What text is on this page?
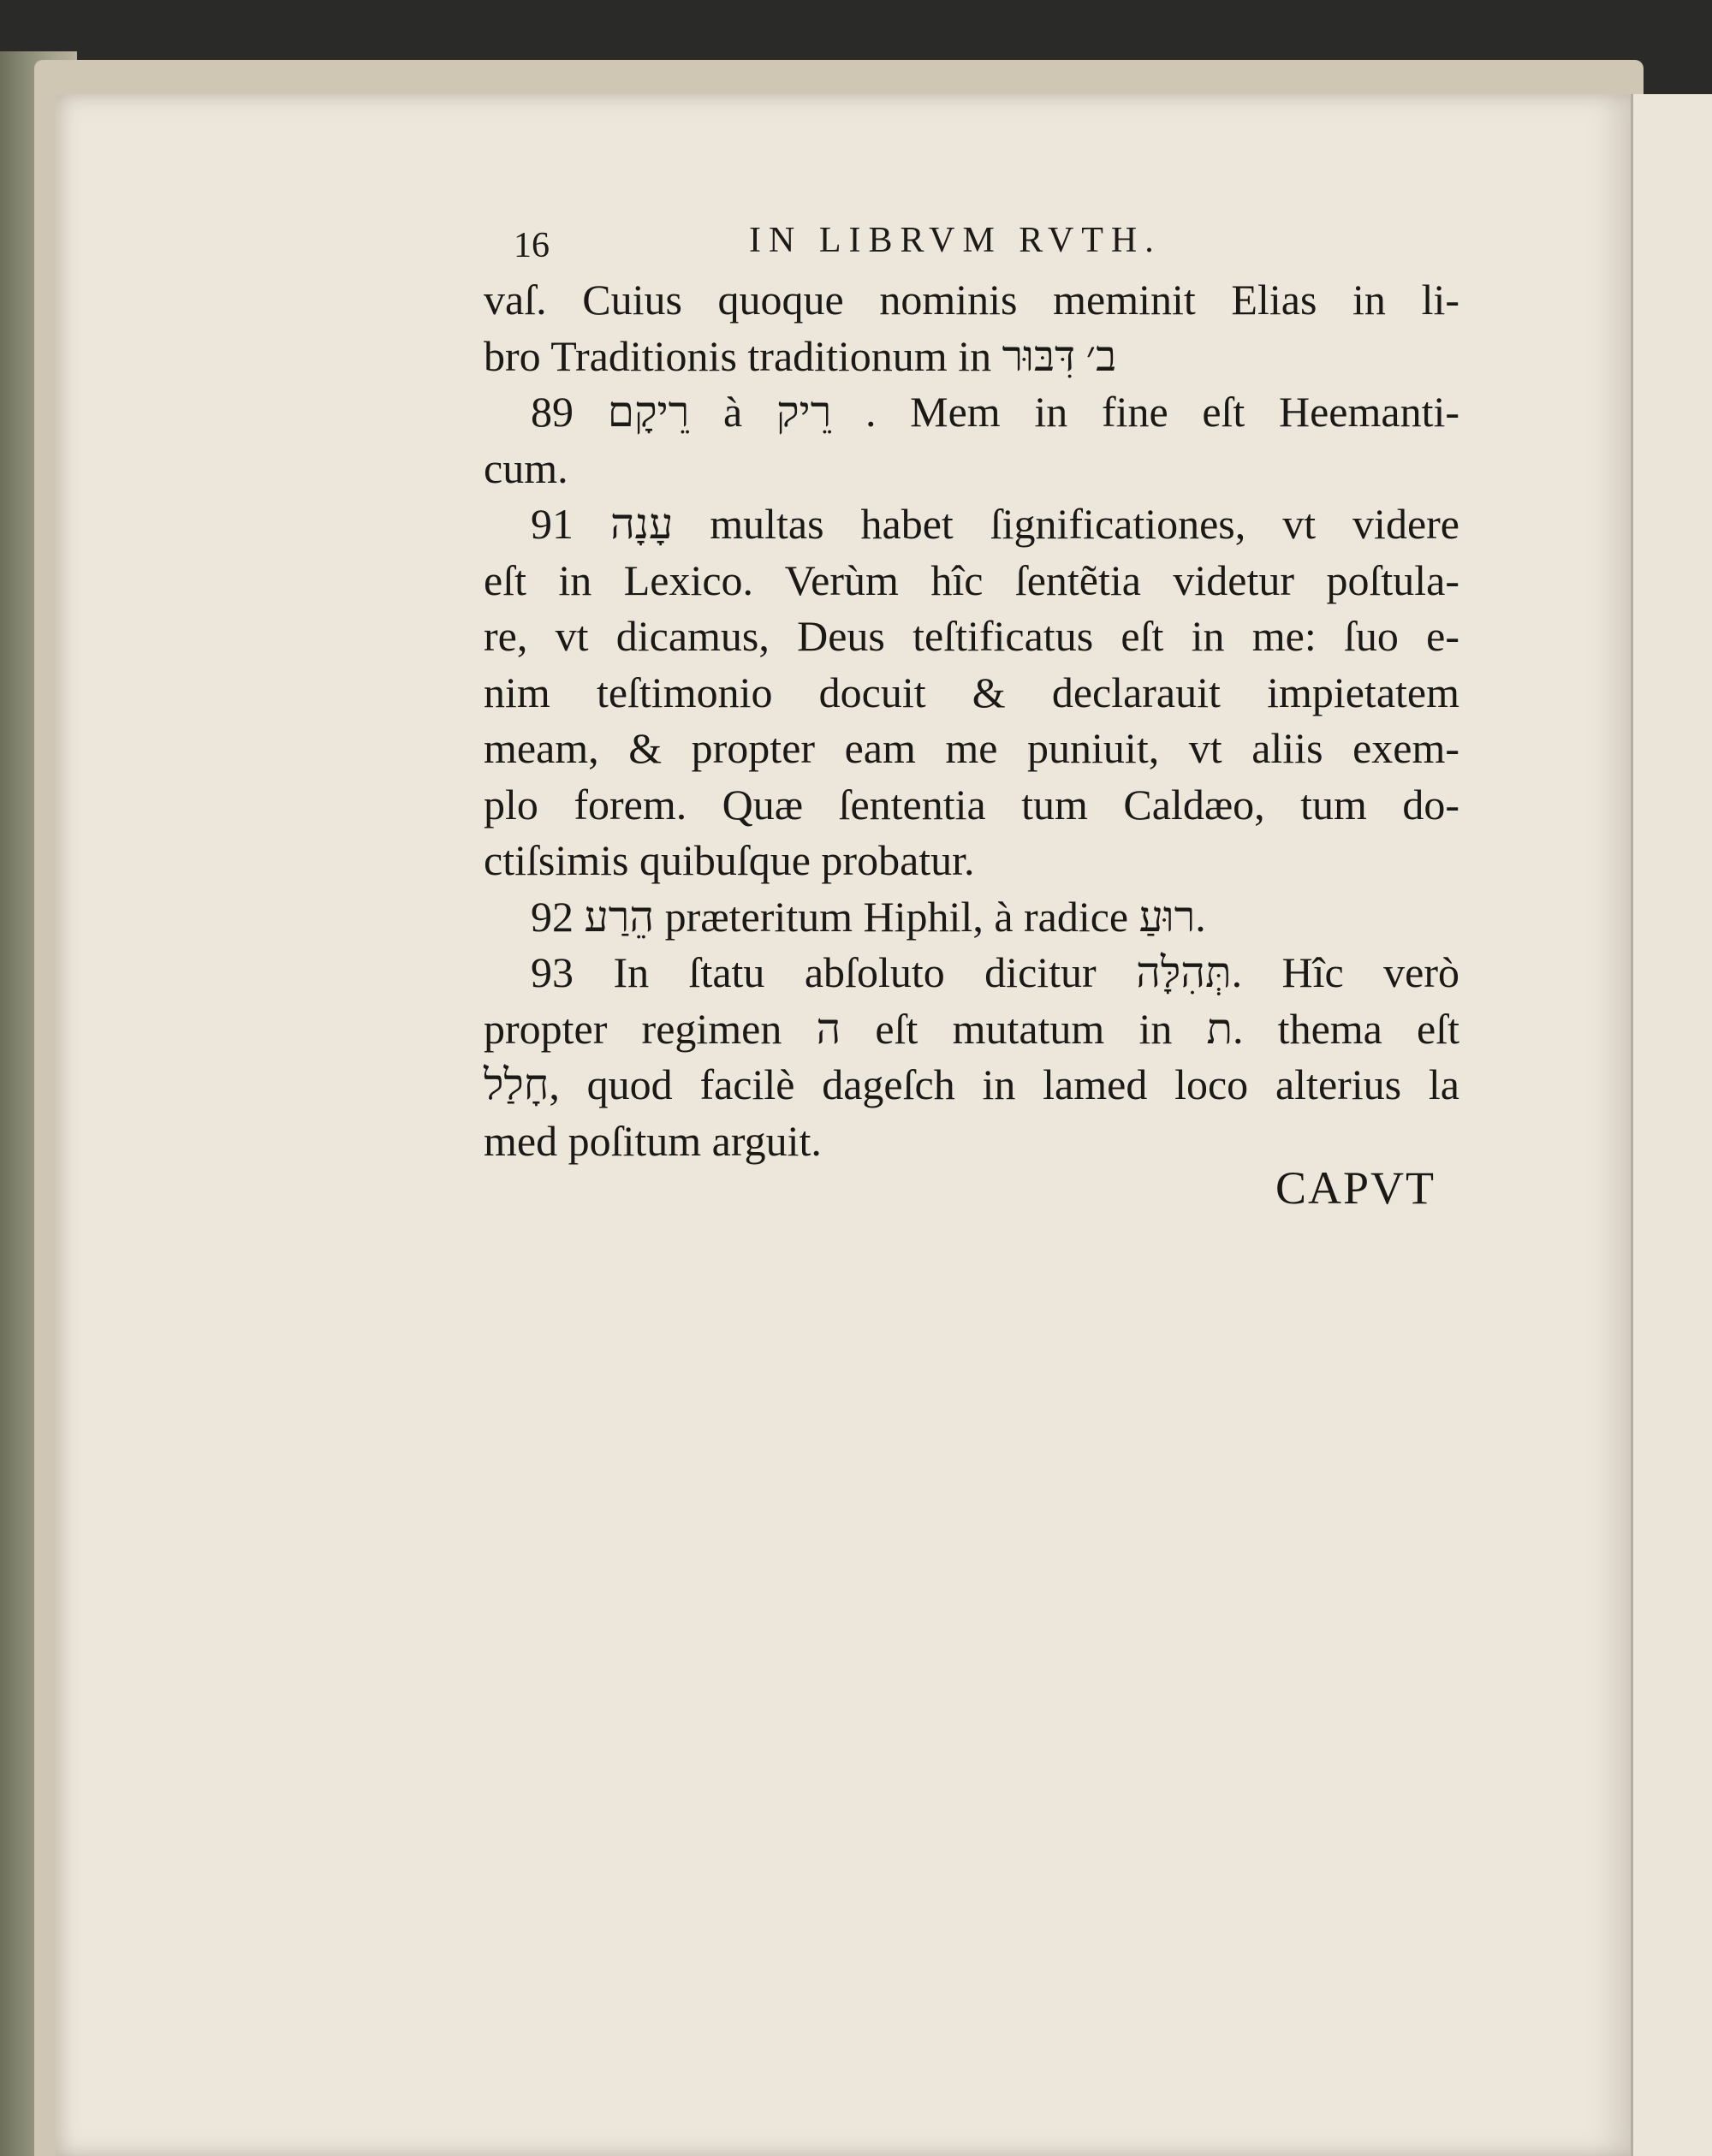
16	IN LIBRVM RVTH.
vaſ. Cuius quoque nominis meminit Elias in li-
bro Traditionis traditionum in ב׳ דִּבּוּר
89 רֵיקָם à רֵיק . Mem in fine eſt Heemanti-
cum.
91 עָנָה multas habet ſignificationes, vt videre
eſt in Lexico. Verùm hîc ſentẽtia videtur poſtula-
re, vt dicamus, Deus teſtificatus eſt in me: ſuo e-
nim teſtimonio docuit & declarauit impietatem
meam, & propter eam me puniuit, vt aliis exem-
plo forem. Quæ ſententia tum Caldæo, tum do-
ctiſsimis quibuſque probatur.
92 הֵרַע præteritum Hiphil, à radice רוּעַ.
93 In ſtatu abſoluto dicitur תְּהִלָּה. Hîc verò
propter regimen ה eſt mutatum in ת. thema eſt
חָלַל, quod facilè dageſch in lamed loco alterius la
med poſitum arguit.
CAPVT
